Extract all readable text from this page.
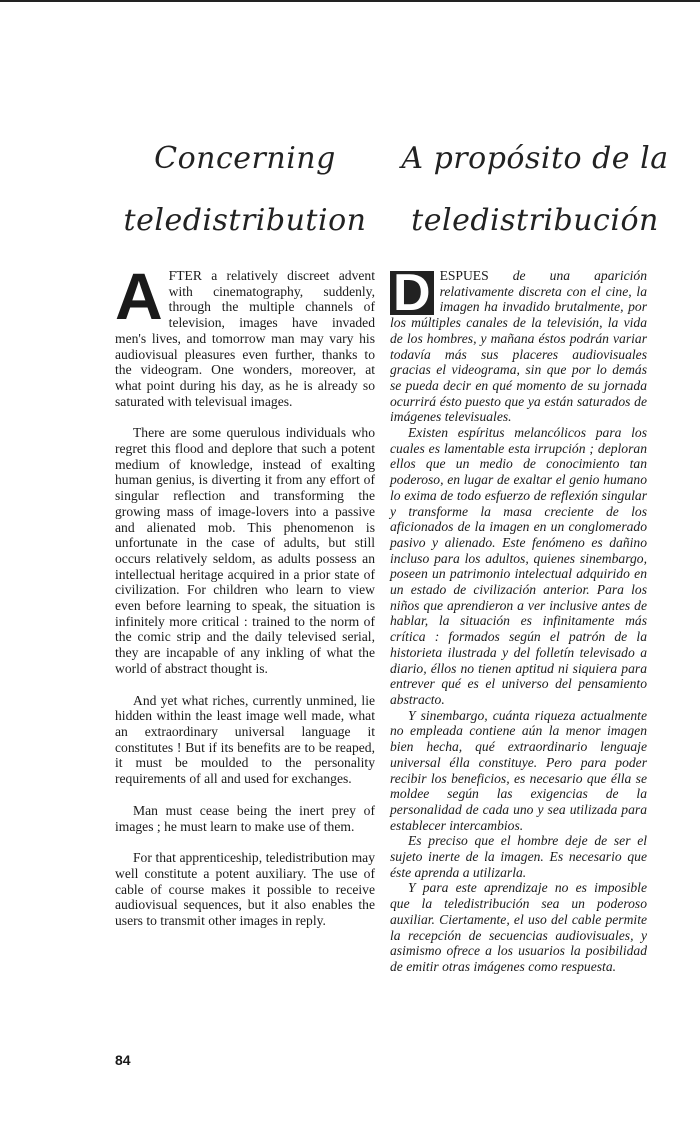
Concerning teledistribution
A propósito de la teledistribución

AFTER a relatively discreet advent with cinematography, suddenly, through the multiple channels of television, images have invaded men's lives, and tomorrow man may vary his audiovisual pleasures even further, thanks to the videogram. One wonders, moreover, at what point during his day, as he is already so saturated with televisual images.

There are some querulous individuals who regret this flood and deplore that such a potent medium of knowledge, instead of exalting human genius, is diverting it from any effort of singular reflection and transforming the growing mass of image-lovers into a passive and alienated mob. This phenomenon is unfortunate in the case of adults, but still occurs relatively seldom, as adults possess an intellectual heritage acquired in a prior state of civilization. For children who learn to view even before learning to speak, the situation is infinitely more critical : trained to the norm of the comic strip and the daily televised serial, they are incapable of any inkling of what the world of abstract thought is.

And yet what riches, currently unmined, lie hidden within the least image well made, what an extraordinary universal language it constitutes ! But if its benefits are to be reaped, it must be moulded to the personality requirements of all and used for exchanges.

Man must cease being the inert prey of images ; he must learn to make use of them.

For that apprenticeship, teledistribution may well constitute a potent auxiliary. The use of cable of course makes it possible to receive audiovisual sequences, but it also enables the users to transmit other images in reply.

D ESPUES de una aparición relativamente discreta con el cine, la imagen ha invadido brutalmente, por los múltiples canales de la televisión, la vida de los hombres, y mañana éstos podrán variar todavía más sus placeres audiovisuales gracias el videograma, sin que por lo demás se pueda decir en qué momento de su jornada ocurrirá ésto puesto que ya están saturados de imágenes televisuales.

Existen espíritus melancólicos para los cuales es lamentable esta irrupción ; deploran ellos que un medio de conocimiento tan poderoso, en lugar de exaltar el genio humano lo exima de todo esfuerzo de reflexión singular y transforme la masa creciente de los aficionados de la imagen en un conglomerado pasivo y alienado. Este fenómeno es dañino incluso para los adultos, quienes sinembargo, poseen un patrimonio intelectual adquirido en un estado de civilización anterior. Para los niños que aprendieron a ver inclusive antes de hablar, la situación es infinitamente más crítica : formados según el patrón de la historieta ilustrada y del folletín televisado a diario, éllos no tienen aptitud ni siquiera para entrever qué es el universo del pensamiento abstracto.

Y sinembargo, cuánta riqueza actualmente no empleada contiene aún la menor imagen bien hecha, qué extraordinario lenguaje universal élla constituye. Pero para poder recibir los beneficios, es necesario que élla se moldee según las exigencias de la personalidad de cada uno y sea utilizada para establecer intercambios.

Es preciso que el hombre deje de ser el sujeto inerte de la imagen. Es necesario que éste aprenda a utilizarla.

Y para este aprendizaje no es imposible que la teledistribución sea un poderoso auxiliar. Ciertamente, el uso del cable permite la recepción de secuencias audiovisuales, y asimismo ofrece a los usuarios la posibilidad de emitir otras imágenes como respuesta.

84
